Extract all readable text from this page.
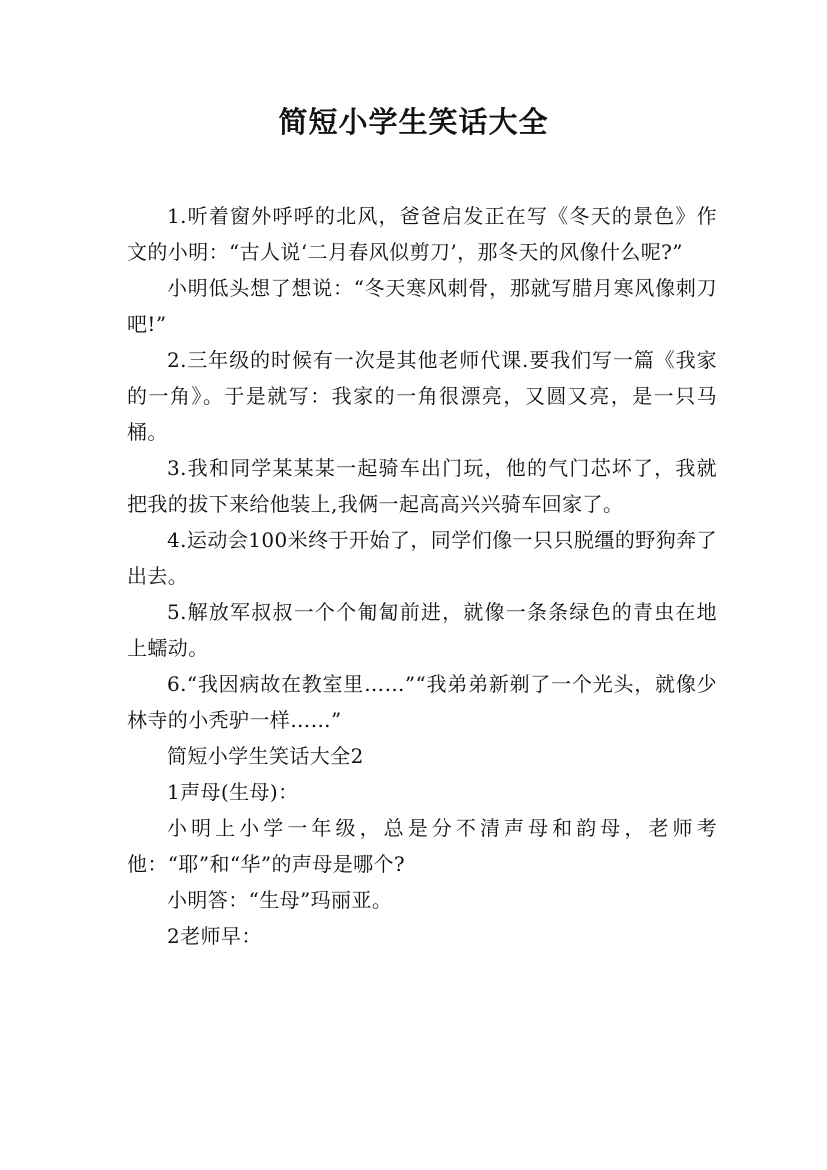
简短小学生笑话大全

1.听着窗外呼呼的北风，爸爸启发正在写《冬天的景色》作文的小明：“古人说‘二月春风似剪刀’，那冬天的风像什么呢?”

小明低头想了想说：“冬天寒风刺骨，那就写腊月寒风像刺刀吧!”

2.三年级的时候有一次是其他老师代课.要我们写一篇《我家的一角》。于是就写：我家的一角很漂亮，又圆又亮，是一只马桶。

3.我和同学某某某一起骑车出门玩，他的气门芯坏了，我就把我的拔下来给他装上,我俩一起高高兴兴骑车回家了。

4.运动会100米终于开始了，同学们像一只只脱缰的野狗奔了出去。

5.解放军叔叔一个个匍匐前进，就像一条条绿色的青虫在地上蠕动。

6.“我因病故在教室里……”“我弟弟新剃了一个光头，就像少林寺的小秃驴一样……”

简短小学生笑话大全2

1声母(生母)：

小明上小学一年级，总是分不清声母和韵母，老师考他：“耶”和“华”的声母是哪个?

小明答：“生母”玛丽亚。

2老师早：
